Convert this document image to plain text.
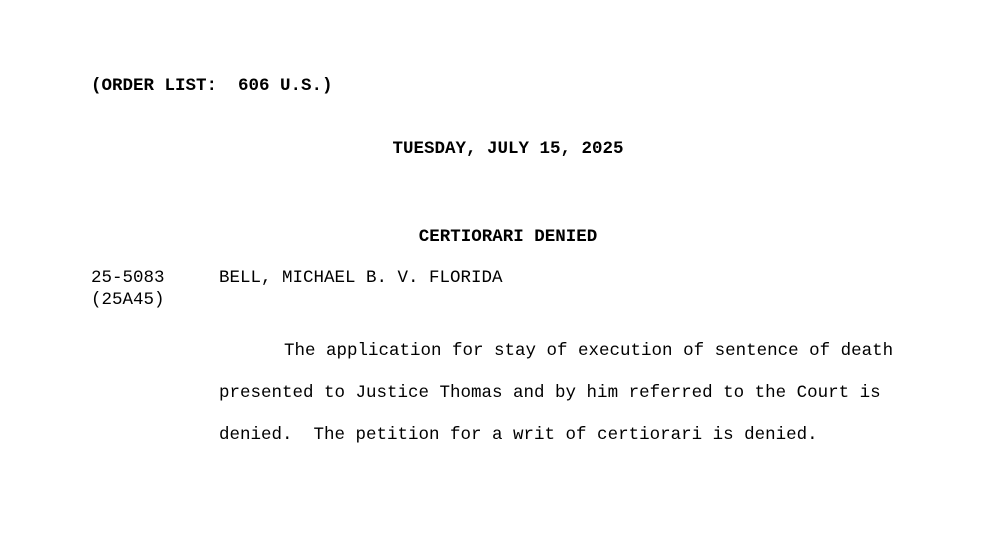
(ORDER LIST:  606 U.S.)
TUESDAY, JULY 15, 2025
CERTIORARI DENIED
25-5083
(25A45)
BELL, MICHAEL B. V. FLORIDA
The application for stay of execution of sentence of death
presented to Justice Thomas and by him referred to the Court is
denied.  The petition for a writ of certiorari is denied.
